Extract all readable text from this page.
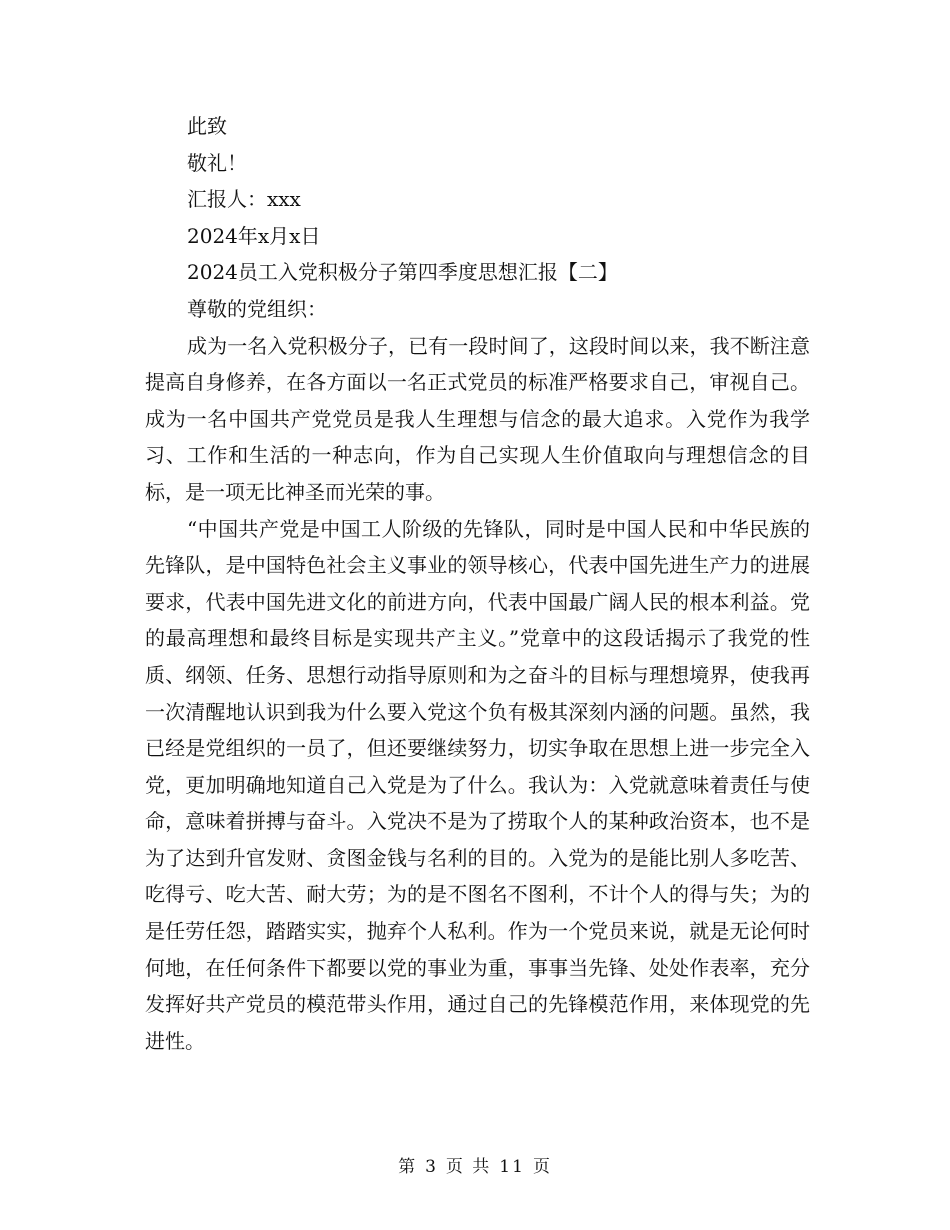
此致

敬礼！

汇报人：xxx

2024年x月x日

2024员工入党积极分子第四季度思想汇报【二】

尊敬的党组织：

成为一名入党积极分子，已有一段时间了，这段时间以来，我不断注意提高自身修养，在各方面以一名正式党员的标准严格要求自己，审视自己。成为一名中国共产党党员是我人生理想与信念的最大追求。入党作为我学习、工作和生活的一种志向，作为自己实现人生价值取向与理想信念的目标，是一项无比神圣而光荣的事。

“中国共产党是中国工人阶级的先锋队，同时是中国人民和中华民族的先锋队，是中国特色社会主义事业的领导核心，代表中国先进生产力的进展要求，代表中国先进文化的前进方向，代表中国最广阔人民的根本利益。党的最高理想和最终目标是实现共产主义。”党章中的这段话揭示了我党的性质、纲领、任务、思想行动指导原则和为之奋斗的目标与理想境界，使我再一次清醒地认识到我为什么要入党这个负有极其深刻内涵的问题。虽然，我已经是党组织的一员了，但还要继续努力，切实争取在思想上进一步完全入党，更加明确地知道自己入党是为了什么。我认为：入党就意味着责任与使命，意味着拼搏与奋斗。入党决不是为了捞取个人的某种政治资本，也不是为了达到升官发财、贪图金钱与名利的目的。入党为的是能比别人多吃苦、吃得亏、吃大苦、耐大劳；为的是不图名不图利，不计个人的得与失；为的是任劳任怨，踏踏实实，抛弃个人私利。作为一个党员来说，就是无论何时何地，在任何条件下都要以党的事业为重，事事当先锋、处处作表率，充分发挥好共产党员的模范带头作用，通过自己的先锋模范作用，来体现党的先进性。

第 3 页 共 11 页
